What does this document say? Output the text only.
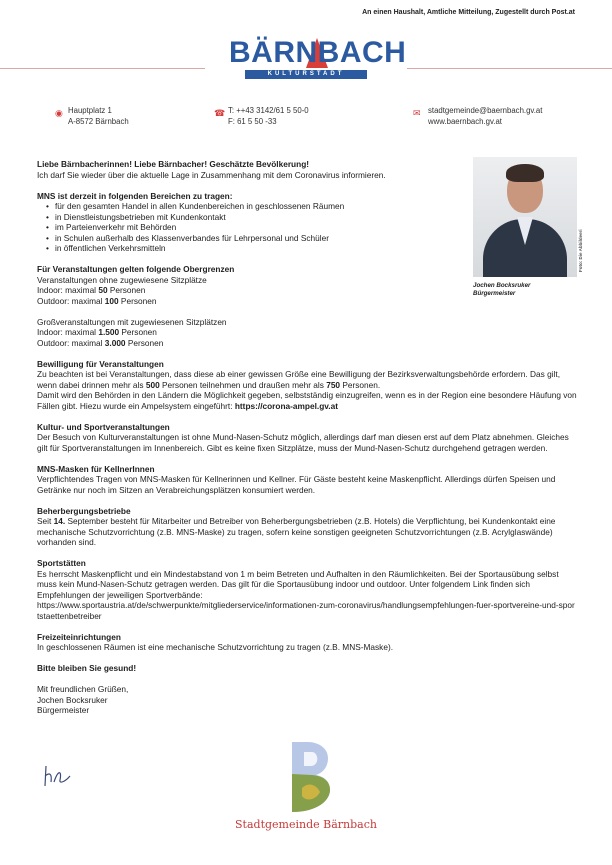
An einen Haushalt, Amtliche Mitteilung, Zugestellt durch Post.at
BÄRNBACH
KULTURSTADT
◉ Hauptplatz 1
A-8572 Bärnbach
☎ T: ++43 3142/61 5 50-0
F: 61 5 50 -33
✉ stadtgemeinde@baernbach.gv.at
www.baernbach.gv.at
Foto: Die Abbildeeri
Jochen Bocksruker
Bürgermeister

Liebe Bärnbacherinnen! Liebe Bärnbacher! Geschätzte Bevölkerung!

Ich darf Sie wieder über die aktuelle Lage in Zusammenhang mit dem Coronavirus informieren.

MNS ist derzeit in folgenden Bereichen zu tragen:

• für den gesamten Handel in allen Kundenbereichen in geschlossenen Räumen
• in Dienstleistungsbetrieben mit Kundenkontakt
• im Parteienverkehr mit Behörden
• in Schulen außerhalb des Klassenverbandes für Lehrpersonal und Schüler
• in öffentlichen Verkehrsmitteln

Für Veranstaltungen gelten folgende Obergrenzen

Veranstaltungen ohne zugewiesene Sitzplätze

Indoor: maximal 50 Personen

Outdoor: maximal 100 Personen

Großveranstaltungen mit zugewiesenen Sitzplätzen

Indoor: maximal 1.500 Personen

Outdoor: maximal 3.000 Personen

Bewilligung für Veranstaltungen

Zu beachten ist bei Veranstaltungen, dass diese ab einer gewissen Größe eine Bewilligung der Bezirksverwaltungsbehörde erfordern. Das gilt, wenn dabei drinnen mehr als 500 Personen teilnehmen und draußen mehr als 750 Personen.

Damit wird den Behörden in den Ländern die Möglichkeit gegeben, selbstständig einzugreifen, wenn es in der Region eine besondere Häufung von Fällen gibt. Hiezu wurde ein Ampelsystem eingeführt: https://corona-ampel.gv.at

Kultur- und Sportveranstaltungen

Der Besuch von Kulturveranstaltungen ist ohne Mund-Nasen-Schutz möglich, allerdings darf man diesen erst auf dem Platz abnehmen. Gleiches gilt für Sportveranstaltungen im Innenbereich. Gibt es keine fixen Sitzplätze, muss der Mund-Nasen-Schutz durchgehend getragen werden.

MNS-Masken für KellnerInnen

Verpflichtendes Tragen von MNS-Masken für Kellnerinnen und Kellner. Für Gäste besteht keine Maskenpflicht. Allerdings dürfen Speisen und Getränke nur noch im Sitzen an Verabreichungsplätzen konsumiert werden.

Beherbergungsbetriebe

Seit 14. September besteht für Mitarbeiter und Betreiber von Beherbergungsbetrieben (z.B. Hotels) die Verpflichtung, bei Kundenkontakt eine mechanische Schutzvorrichtung (z.B. MNS-Maske) zu tragen, sofern keine sonstigen geeigneten Schutzvorrichtungen (z.B. Acrylglaswände) vorhanden sind.

Sportstätten

Es herrscht Maskenpflicht und ein Mindestabstand von 1 m beim Betreten und Aufhalten in den Räumlichkeiten. Bei der Sportausübung selbst muss kein Mund-Nasen-Schutz getragen werden. Das gilt für die Sportausübung indoor und outdoor. Unter folgendem Link finden sich Empfehlungen der jeweiligen Sportverbände:

https://www.sportaustria.at/de/schwerpunkte/mitgliederservice/informationen-zum-coronavirus/handlungsempfehlungen-fuer-sportvereine-und-sportstaettenbetreiber

Freizeiteinrichtungen

In geschlossenen Räumen ist eine mechanische Schutzvorrichtung zu tragen (z.B. MNS-Maske).

Bitte bleiben Sie gesund!

Mit freundlichen Grüßen,

Jochen Bocksruker

Bürgermeister

Stadtgemeinde Bärnbach
